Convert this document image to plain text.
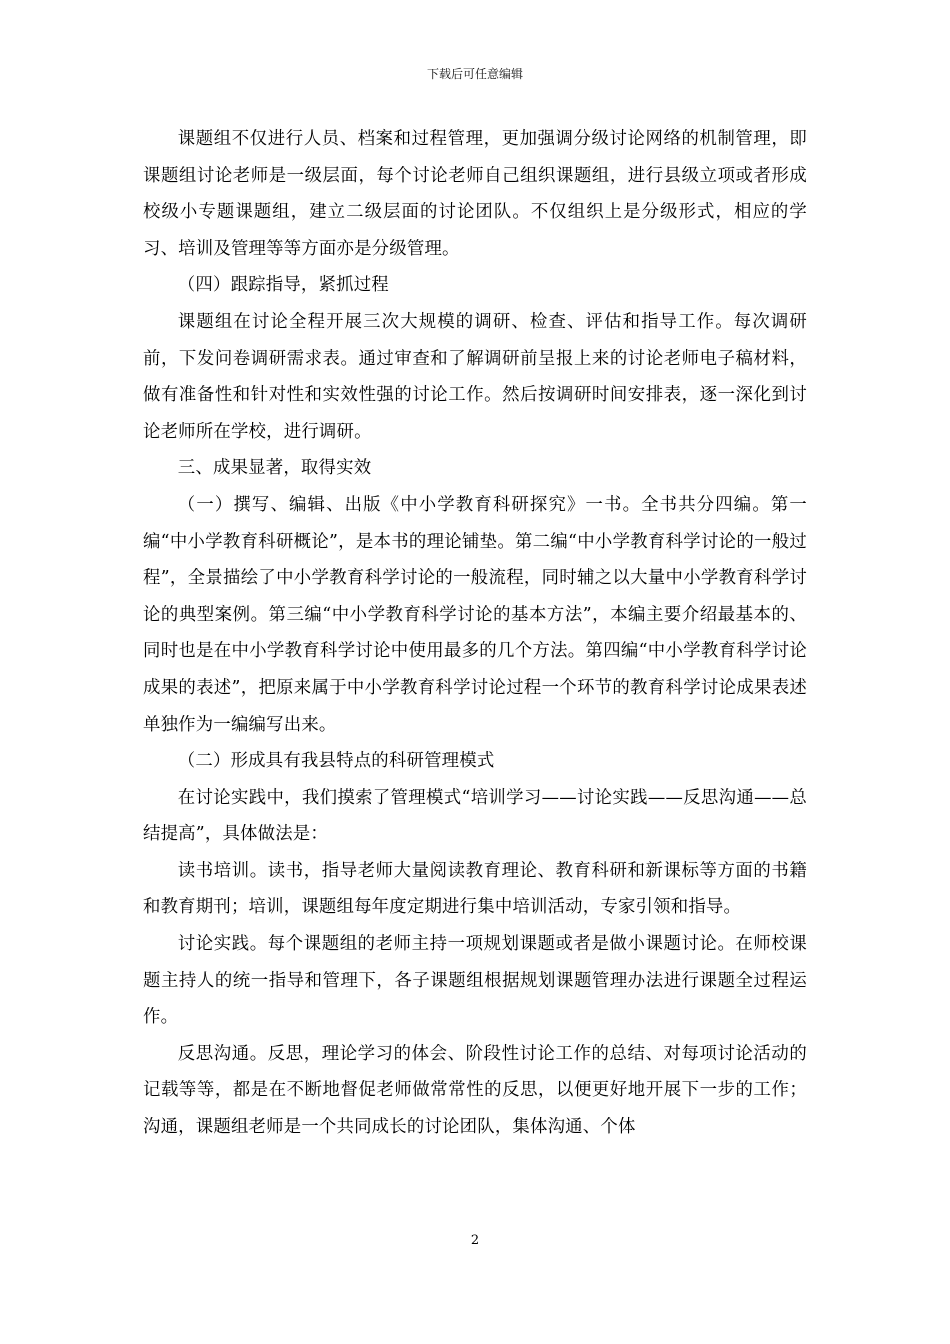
下载后可任意编辑

课题组不仅进行人员、档案和过程管理，更加强调分级讨论网络的机制管理，即课题组讨论老师是一级层面，每个讨论老师自己组织课题组，进行县级立项或者形成校级小专题课题组，建立二级层面的讨论团队。不仅组织上是分级形式，相应的学习、培训及管理等等方面亦是分级管理。

（四）跟踪指导，紧抓过程

课题组在讨论全程开展三次大规模的调研、检查、评估和指导工作。每次调研前，下发问卷调研需求表。通过审查和了解调研前呈报上来的讨论老师电子稿材料，做有准备性和针对性和实效性强的讨论工作。然后按调研时间安排表，逐一深化到讨论老师所在学校，进行调研。

三、成果显著，取得实效

（一）撰写、编辑、出版《中小学教育科研探究》一书。全书共分四编。第一编“中小学教育科研概论”，是本书的理论铺垫。第二编“中小学教育科学讨论的一般过程”，全景描绘了中小学教育科学讨论的一般流程，同时辅之以大量中小学教育科学讨论的典型案例。第三编“中小学教育科学讨论的基本方法”，本编主要介绍最基本的、同时也是在中小学教育科学讨论中使用最多的几个方法。第四编“中小学教育科学讨论成果的表述”，把原来属于中小学教育科学讨论过程一个环节的教育科学讨论成果表述单独作为一编编写出来。

（二）形成具有我县特点的科研管理模式

在讨论实践中，我们摸索了管理模式“培训学习——讨论实践——反思沟通——总结提高”，具体做法是：

读书培训。读书，指导老师大量阅读教育理论、教育科研和新课标等方面的书籍和教育期刊；培训，课题组每年度定期进行集中培训活动，专家引领和指导。

讨论实践。每个课题组的老师主持一项规划课题或者是做小课题讨论。在师校课题主持人的统一指导和管理下，各子课题组根据规划课题管理办法进行课题全过程运作。

反思沟通。反思，理论学习的体会、阶段性讨论工作的总结、对每项讨论活动的记载等等，都是在不断地督促老师做常常性的反思，以便更好地开展下一步的工作；沟通，课题组老师是一个共同成长的讨论团队，集体沟通、个体

2
